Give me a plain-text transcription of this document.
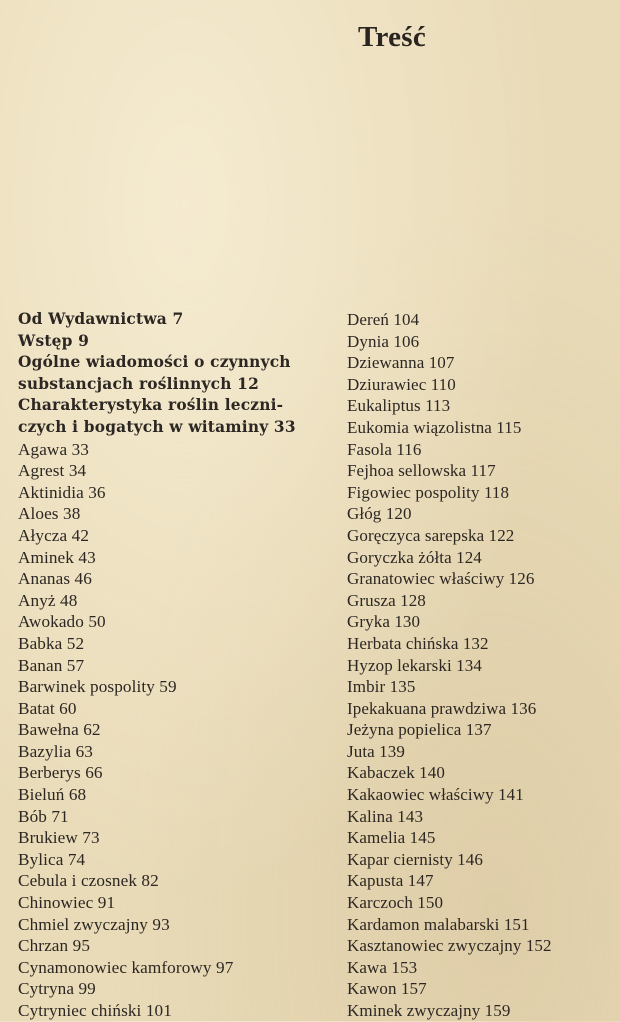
Treść
Od Wydawnictwa 7
Wstęp 9
Ogólne wiadomości o czynnych
substancjach roślinnych 12
Charakterystyka roślin leczni-
czych i bogatych w witaminy 33
Agawa 33
Agrest 34
Aktinidia 36
Aloes 38
Ałycza 42
Aminek 43
Ananas 46
Anyż 48
Awokado 50
Babka 52
Banan 57
Barwinek pospolity 59
Batat 60
Bawełna 62
Bazylia 63
Berberys 66
Bieluń 68
Bób 71
Brukiew 73
Bylica 74
Cebula i czosnek 82
Chinowiec 91
Chmiel zwyczajny 93
Chrzan 95
Cynamonowiec kamforowy 97
Cytryna 99
Cytryniec chiński 101
Dereń 104
Dynia 106
Dziewanna 107
Dziurawiec 110
Eukaliptus 113
Eukomia wiązolistna 115
Fasola 116
Fejhoa sellowska 117
Figowiec pospolity 118
Głóg 120
Goręczyca sarepska 122
Goryczka żółta 124
Granatowiec właściwy 126
Grusza 128
Gryka 130
Herbata chińska 132
Hyzop lekarski 134
Imbir 135
Ipekakuana prawdziwa 136
Jeżyna popielica 137
Juta 139
Kabaczek 140
Kakaowiec właściwy 141
Kalina 143
Kamelia 145
Kapar ciernisty 146
Kapusta 147
Karczoch 150
Kardamon malabarski 151
Kasztanowiec zwyczajny 152
Kawa 153
Kawon 157
Kminek zwyczajny 159
